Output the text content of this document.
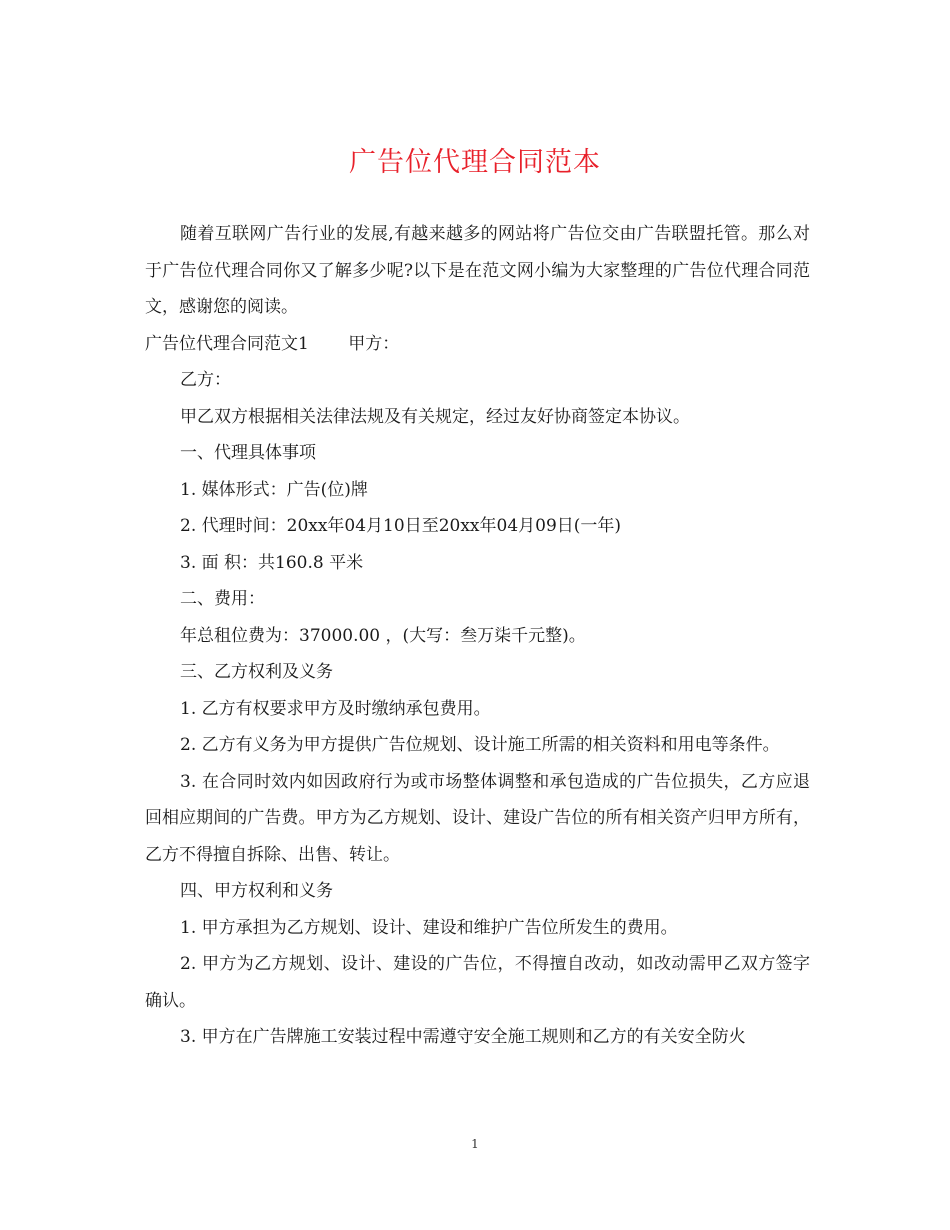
广告位代理合同范本

随着互联网广告行业的发展,有越来越多的网站将广告位交由广告联盟托管。那么对于广告位代理合同你又了解多少呢?以下是在范文网小编为大家整理的广告位代理合同范文，感谢您的阅读。

广告位代理合同范文1　　 甲方：

乙方：

甲乙双方根据相关法律法规及有关规定，经过友好协商签定本协议。

一、代理具体事项

1. 媒体形式：广告(位)牌

2. 代理时间：20xx年04月10日至20xx年04月09日(一年)

3. 面 积：共160.8 平米

二、费用：

年总租位费为：37000.00 ，(大写：叁万柒千元整)。

三、乙方权利及义务

1. 乙方有权要求甲方及时缴纳承包费用。

2. 乙方有义务为甲方提供广告位规划、设计施工所需的相关资料和用电等条件。

3. 在合同时效内如因政府行为或市场整体调整和承包造成的广告位损失，乙方应退回相应期间的广告费。甲方为乙方规划、设计、建设广告位的所有相关资产归甲方所有，乙方不得擅自拆除、出售、转让。

四、甲方权利和义务

1. 甲方承担为乙方规划、设计、建设和维护广告位所发生的费用。

2. 甲方为乙方规划、设计、建设的广告位，不得擅自改动，如改动需甲乙双方签字确认。

3. 甲方在广告牌施工安装过程中需遵守安全施工规则和乙方的有关安全防火

1
